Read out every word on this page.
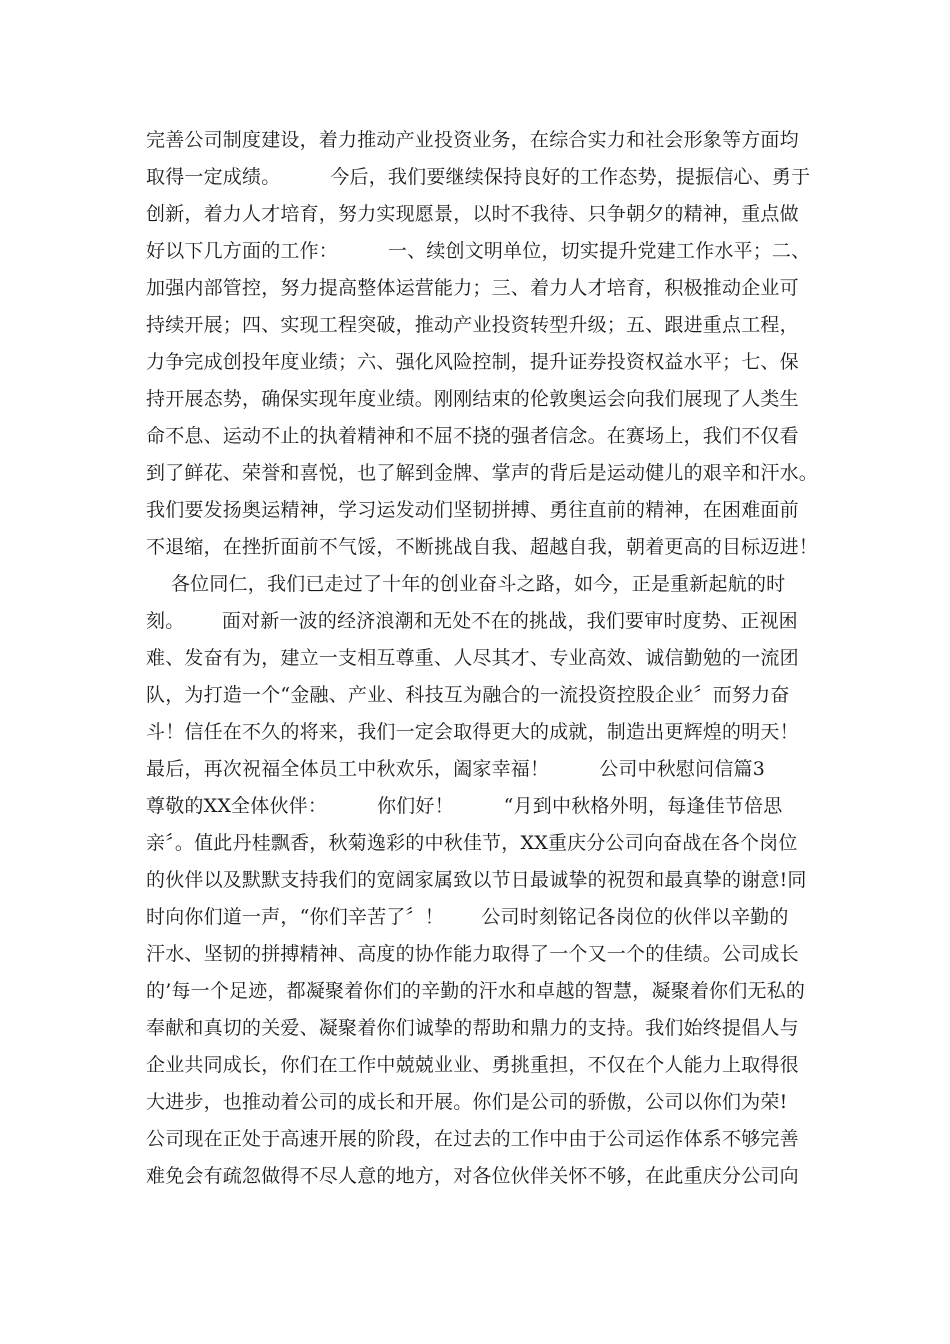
完善公司制度建设，着力推动产业投资业务，在综合实力和社会形象等方面均
取得一定成绩。        今后，我们要继续保持良好的工作态势，提振信心、勇于
创新，着力人才培育，努力实现愿景，以时不我待、只争朝夕的精神，重点做
好以下几方面的工作：        一、续创文明单位，切实提升党建工作水平；二、
加强内部管控，努力提高整体运营能力；三、着力人才培育，积极推动企业可
持续开展；四、实现工程突破，推动产业投资转型升级；五、跟进重点工程，
力争完成创投年度业绩；六、强化风险控制，提升证券投资权益水平；七、保
持开展态势，确保实现年度业绩。刚刚结束的伦敦奥运会向我们展现了人类生
命不息、运动不止的执着精神和不屈不挠的强者信念。在赛场上，我们不仅看
到了鲜花、荣誉和喜悦，也了解到金牌、掌声的背后是运动健儿的艰辛和汗水。
我们要发扬奥运精神，学习运发动们坚韧拼搏、勇往直前的精神，在困难面前
不退缩，在挫折面前不气馁，不断挑战自我、超越自我，朝着更高的目标迈进！
各位同仁，我们已走过了十年的创业奋斗之路，如今，正是重新起航的时
刻。      面对新一波的经济浪潮和无处不在的挑战，我们要审时度势、正视困
难、发奋有为，建立一支相互尊重、人尽其才、专业高效、诚信勤勉的一流团
队，为打造一个“金融、产业、科技互为融合的一流投资控股企业〞而努力奋
斗！信任在不久的将来，我们一定会取得更大的成就，制造出更辉煌的明天！
最后，再次祝福全体员工中秋欢乐，阖家幸福！        公司中秋慰问信篇3
尊敬的XX全体伙伴：        你们好！        “月到中秋格外明，每逢佳节倍思
亲〞。值此丹桂飘香，秋菊逸彩的中秋佳节，XX重庆分公司向奋战在各个岗位
的伙伴以及默默支持我们的宽阔家属致以节日最诚挚的祝贺和最真挚的谢意!同
时向你们道一声，“你们辛苦了〞！      公司时刻铭记各岗位的伙伴以辛勤的
汗水、坚韧的拼搏精神、高度的协作能力取得了一个又一个的佳绩。公司成长
的’每一个足迹，都凝聚着你们的辛勤的汗水和卓越的智慧，凝聚着你们无私的
奉献和真切的关爱、凝聚着你们诚挚的帮助和鼎力的支持。我们始终提倡人与
企业共同成长，你们在工作中兢兢业业、勇挑重担，不仅在个人能力上取得很
大进步，也推动着公司的成长和开展。你们是公司的骄傲，公司以你们为荣!
公司现在正处于高速开展的阶段，在过去的工作中由于公司运作体系不够完善
难免会有疏忽做得不尽人意的地方，对各位伙伴关怀不够，在此重庆分公司向
